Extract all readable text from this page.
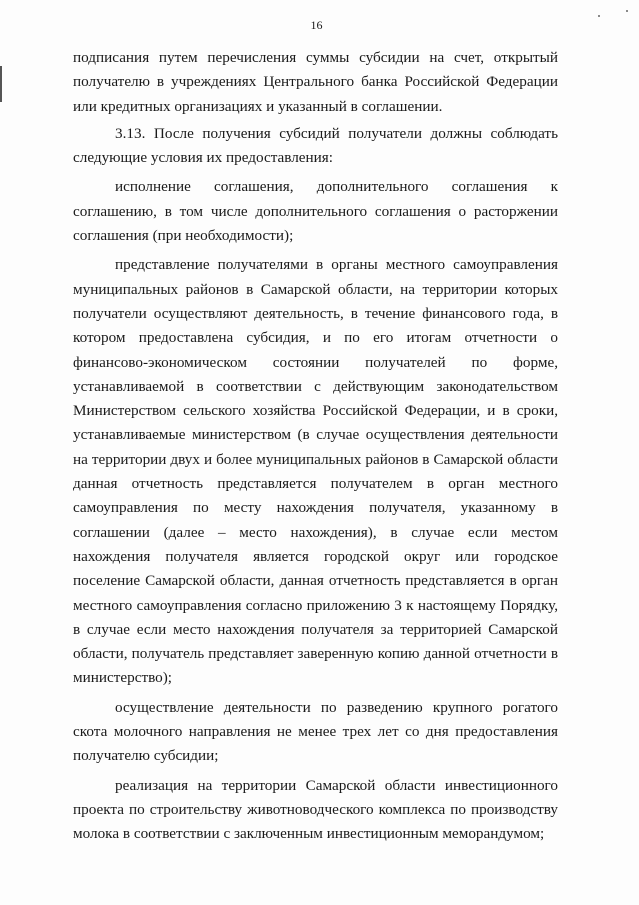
16

подписания путем перечисления суммы субсидии на счет, открытый получателю в учреждениях Центрального банка Российской Федерации или кредитных организациях и указанный в соглашении.

3.13. После получения субсидий получатели должны соблюдать следующие условия их предоставления:

исполнение соглашения, дополнительного соглашения к соглашению, в том числе дополнительного соглашения о расторжении соглашения (при необходимости);

представление получателями в органы местного самоуправления муниципальных районов в Самарской области, на территории которых получатели осуществляют деятельность, в течение финансового года, в котором предоставлена субсидия, и по его итогам отчетности о финансово-экономическом состоянии получателей по форме, устанавливаемой в соответствии с действующим законодательством Министерством сельского хозяйства Российской Федерации, и в сроки, устанавливаемые министерством (в случае осуществления деятельности на территории двух и более муниципальных районов в Самарской области данная отчетность представляется получателем в орган местного самоуправления по месту нахождения получателя, указанному в соглашении (далее – место нахождения), в случае если местом нахождения получателя является городской округ или городское поселение Самарской области, данная отчетность представляется в орган местного самоуправления согласно приложению 3 к настоящему Порядку, в случае если место нахождения получателя за территорией Самарской области, получатель представляет заверенную копию данной отчетности в министерство);

осуществление деятельности по разведению крупного рогатого скота молочного направления не менее трех лет со дня предоставления получателю субсидии;

реализация на территории Самарской области инвестиционного проекта по строительству животноводческого комплекса по производству молока в соответствии с заключенным инвестиционным меморандумом;
